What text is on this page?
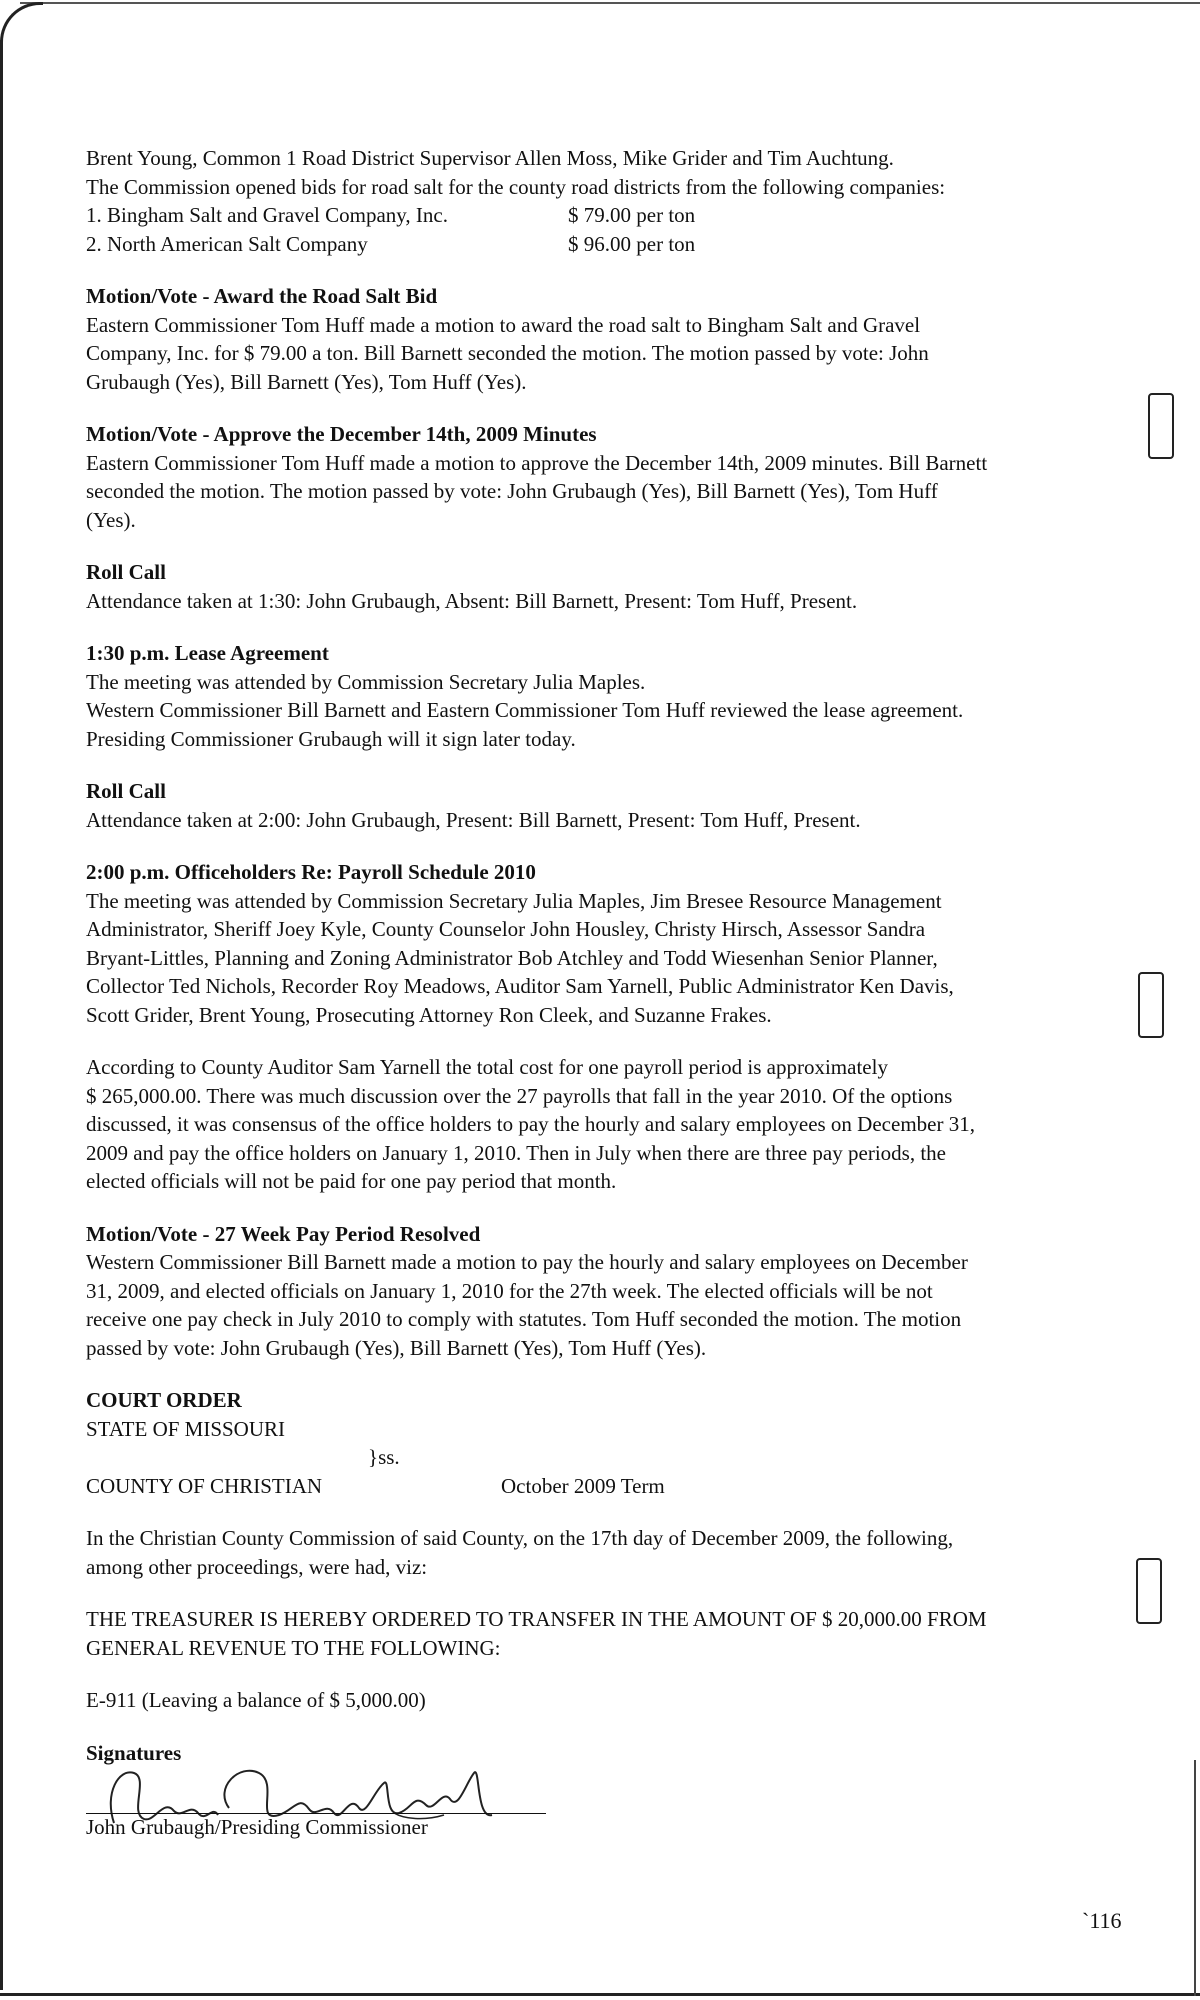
Brent Young, Common 1 Road District Supervisor Allen Moss, Mike Grider and Tim Auchtung.

The Commission opened bids for road salt for the county road districts from the following companies:

1. Bingham Salt and Gravel Company, Inc.	$ 79.00 per ton
2. North American Salt Company	$ 96.00 per ton

Motion/Vote - Award the Road Salt Bid

Eastern Commissioner Tom Huff made a motion to award the road salt to Bingham Salt and Gravel

Company, Inc. for $ 79.00 a ton. Bill Barnett seconded the motion. The motion passed by vote: John

Grubaugh (Yes), Bill Barnett (Yes), Tom Huff (Yes).

Motion/Vote - Approve the December 14th, 2009 Minutes

Eastern Commissioner Tom Huff made a motion to approve the December 14th, 2009 minutes. Bill Barnett

seconded the motion. The motion passed by vote: John Grubaugh (Yes), Bill Barnett (Yes), Tom Huff

(Yes).

Roll Call

Attendance taken at 1:30: John Grubaugh, Absent: Bill Barnett, Present: Tom Huff, Present.

1:30 p.m. Lease Agreement

The meeting was attended by Commission Secretary Julia Maples.

Western Commissioner Bill Barnett and Eastern Commissioner Tom Huff reviewed the lease agreement.

Presiding Commissioner Grubaugh will it sign later today.

Roll Call

Attendance taken at 2:00: John Grubaugh, Present: Bill Barnett, Present: Tom Huff, Present.

2:00 p.m. Officeholders Re: Payroll Schedule 2010

The meeting was attended by Commission Secretary Julia Maples, Jim Bresee Resource Management

Administrator, Sheriff Joey Kyle, County Counselor John Housley, Christy Hirsch, Assessor Sandra

Bryant-Littles, Planning and Zoning Administrator Bob Atchley and Todd Wiesenhan Senior Planner,

Collector Ted Nichols, Recorder Roy Meadows, Auditor Sam Yarnell, Public Administrator Ken Davis,

Scott Grider, Brent Young, Prosecuting Attorney Ron Cleek, and Suzanne Frakes.

According to County Auditor Sam Yarnell the total cost for one payroll period is approximately

$ 265,000.00. There was much discussion over the 27 payrolls that fall in the year 2010. Of the options

discussed, it was consensus of the office holders to pay the hourly and salary employees on December 31,

2009 and pay the office holders on January 1, 2010. Then in July when there are three pay periods, the

elected officials will not be paid for one pay period that month.

Motion/Vote - 27 Week Pay Period Resolved

Western Commissioner Bill Barnett made a motion to pay the hourly and salary employees on December

31, 2009, and elected officials on January 1, 2010 for the 27th week. The elected officials will be not

receive one pay check in July 2010 to comply with statutes. Tom Huff seconded the motion. The motion

passed by vote: John Grubaugh (Yes), Bill Barnett (Yes), Tom Huff (Yes).

COURT ORDER

STATE OF MISSOURI

}ss.
COUNTY OF CHRISTIAN	October 2009 Term

In the Christian County Commission of said County, on the 17th day of December 2009, the following,

among other proceedings, were had, viz:

THE TREASURER IS HEREBY ORDERED TO TRANSFER IN THE AMOUNT OF $ 20,000.00 FROM

GENERAL REVENUE TO THE FOLLOWING:

E-911 (Leaving a balance of $ 5,000.00)

Signatures

John Grubaugh/Presiding Commissioner
`116
